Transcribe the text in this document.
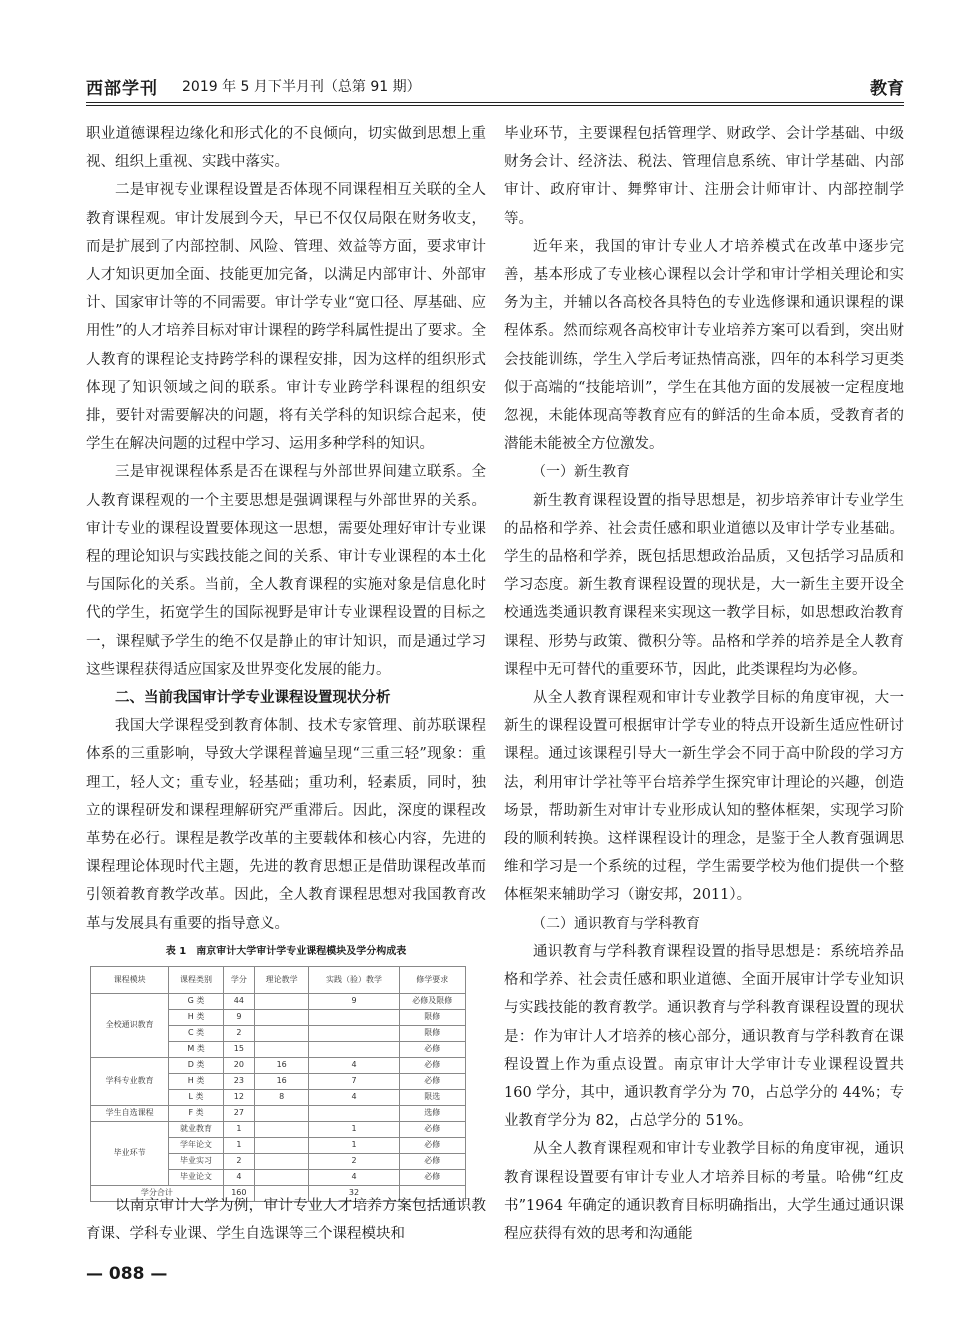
西部学刊 2019 年 5 月下半月刊（总第 91 期）	教育

职业道德课程边缘化和形式化的不良倾向，切实做到思想上重视、组织上重视、实践中落实。

二是审视专业课程设置是否体现不同课程相互关联的全人教育课程观。审计发展到今天，早已不仅仅局限在财务收支，而是扩展到了内部控制、风险、管理、效益等方面，要求审计人才知识更加全面、技能更加完备，以满足内部审计、外部审计、国家审计等的不同需要。审计学专业“宽口径、厚基础、应用性”的人才培养目标对审计课程的跨学科属性提出了要求。全人教育的课程论支持跨学科的课程安排，因为这样的组织形式体现了知识领域之间的联系。审计专业跨学科课程的组织安排，要针对需要解决的问题，将有关学科的知识综合起来，使学生在解决问题的过程中学习、运用多种学科的知识。

三是审视课程体系是否在课程与外部世界间建立联系。全人教育课程观的一个主要思想是强调课程与外部世界的关系。审计专业的课程设置要体现这一思想，需要处理好审计专业课程的理论知识与实践技能之间的关系、审计专业课程的本土化与国际化的关系。当前，全人教育课程的实施对象是信息化时代的学生，拓宽学生的国际视野是审计专业课程设置的目标之一，课程赋予学生的绝不仅是静止的审计知识，而是通过学习这些课程获得适应国家及世界变化发展的能力。

二、当前我国审计学专业课程设置现状分析

我国大学课程受到教育体制、技术专家管理、前苏联课程体系的三重影响，导致大学课程普遍呈现“三重三轻”现象：重理工，轻人文；重专业，轻基础；重功利，轻素质，同时，独立的课程研发和课程理解研究严重滞后。因此，深度的课程改革势在必行。课程是教学改革的主要载体和核心内容，先进的课程理论体现时代主题，先进的教育思想正是借助课程改革而引领着教育教学改革。因此，全人教育课程思想对我国教育改革与发展具有重要的指导意义。

表 1　南京审计大学审计学专业课程模块及学分构成表
课程模块	课程类别	学分	理论教学	实践（验）教学	修学要求
全校通识教育	G 类	44		9	必修及限修
	H 类	9			限修
	C 类	2			限修
	M 类	15			必修
学科专业教育	D 类	20	16	4	必修
	H 类	23	16	7	必修
	L 类	12	8	4	限选
学生自选课程	F 类	27			选修
毕业环节	就业教育	1		1	必修
	学年论文	1		1	必修
	毕业实习	2		2	必修
	毕业论文	4		4	必修
学分合计		160		32	

以南京审计大学为例，审计专业人才培养方案包括通识教育课、学科专业课、学生自选课等三个课程模块和

毕业环节，主要课程包括管理学、财政学、会计学基础、中级财务会计、经济法、税法、管理信息系统、审计学基础、内部审计、政府审计、舞弊审计、注册会计师审计、内部控制学等。

近年来，我国的审计专业人才培养模式在改革中逐步完善，基本形成了专业核心课程以会计学和审计学相关理论和实务为主，并辅以各高校各具特色的专业选修课和通识课程的课程体系。然而综观各高校审计专业培养方案可以看到，突出财会技能训练，学生入学后考证热情高涨，四年的本科学习更类似于高端的“技能培训”，学生在其他方面的发展被一定程度地忽视，未能体现高等教育应有的鲜活的生命本质，受教育者的潜能未能被全方位激发。

（一）新生教育

新生教育课程设置的指导思想是，初步培养审计专业学生的品格和学养、社会责任感和职业道德以及审计学专业基础。学生的品格和学养，既包括思想政治品质，又包括学习品质和学习态度。新生教育课程设置的现状是，大一新生主要开设全校通选类通识教育课程来实现这一教学目标，如思想政治教育课程、形势与政策、微积分等。品格和学养的培养是全人教育课程中无可替代的重要环节，因此，此类课程均为必修。

从全人教育课程观和审计专业教学目标的角度审视，大一新生的课程设置可根据审计学专业的特点开设新生适应性研讨课程。通过该课程引导大一新生学会不同于高中阶段的学习方法，利用审计学社等平台培养学生探究审计理论的兴趣，创造场景，帮助新生对审计专业形成认知的整体框架，实现学习阶段的顺利转换。这样课程设计的理念，是鉴于全人教育强调思维和学习是一个系统的过程，学生需要学校为他们提供一个整体框架来辅助学习（谢安邦，2011）。

（二）通识教育与学科教育

通识教育与学科教育课程设置的指导思想是：系统培养品格和学养、社会责任感和职业道德、全面开展审计学专业知识与实践技能的教育教学。通识教育与学科教育课程设置的现状是：作为审计人才培养的核心部分，通识教育与学科教育在课程设置上作为重点设置。南京审计大学审计专业课程设置共 160 学分，其中，通识教育学分为 70，占总学分的 44%；专业教育学分为 82，占总学分的 51%。

从全人教育课程观和审计专业教学目标的角度审视，通识教育课程设置要有审计专业人才培养目标的考量。哈佛“红皮书”1964 年确定的通识教育目标明确指出，大学生通过通识课程应获得有效的思考和沟通能

— 088 —
